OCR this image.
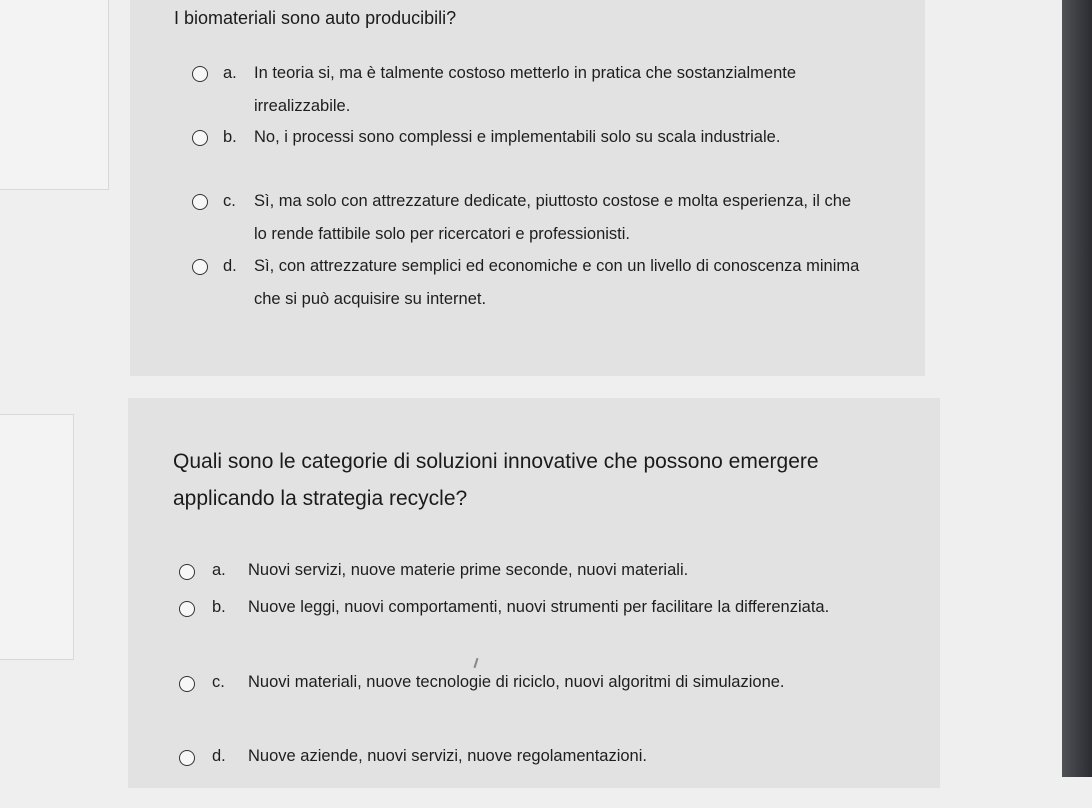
I biomateriali sono auto producibili?
a. In teoria si, ma è talmente costoso metterlo in pratica che sostanzialmente irrealizzabile.
b. No, i processi sono complessi e implementabili solo su scala industriale.
c. Sì, ma solo con attrezzature dedicate, piuttosto costose e molta esperienza, il che lo rende fattibile solo per ricercatori e professionisti.
d. Sì, con attrezzature semplici ed economiche e con un livello di conoscenza minima che si può acquisire su internet.
Quali sono le categorie di soluzioni innovative che possono emergere applicando la strategia recycle?
a. Nuovi servizi, nuove materie prime seconde, nuovi materiali.
b. Nuove leggi, nuovi comportamenti, nuovi strumenti per facilitare la differenziata.
c. Nuovi materiali, nuove tecnologie di riciclo, nuovi algoritmi di simulazione.
d. Nuove aziende, nuovi servizi, nuove regolamentazioni.
